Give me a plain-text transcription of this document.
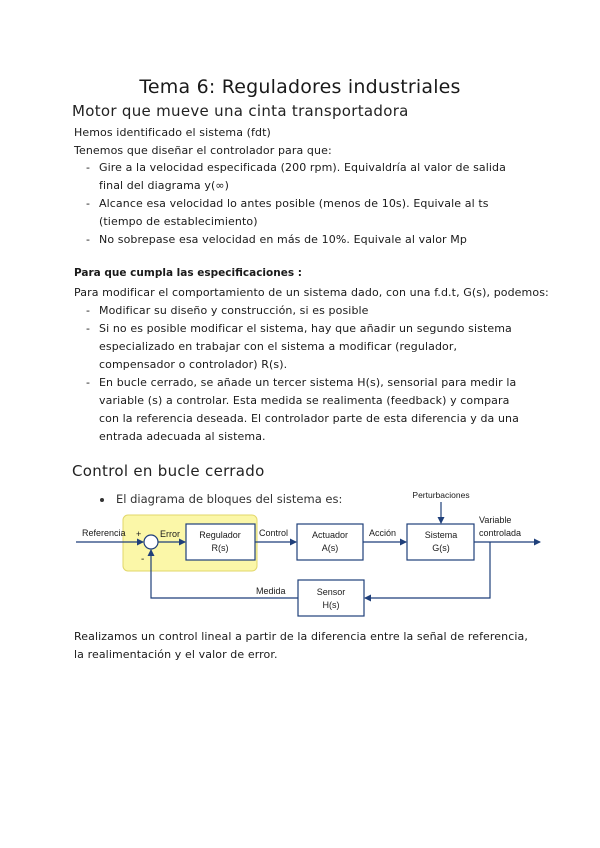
Tema 6: Reguladores industriales
Motor que mueve una cinta transportadora
Hemos identificado el sistema (fdt)
Tenemos que diseñar el controlador para que:
- Gire a la velocidad especificada (200 rpm). Equivaldría al valor de salida final del diagrama y(∞)
- Alcance esa velocidad lo antes posible (menos de 10s). Equivale al ts (tiempo de establecimiento)
- No sobrepase esa velocidad en más de 10%. Equivale al valor Mp
Para que cumpla las especificaciones :
Para modificar el comportamiento de un sistema dado, con una f.d.t, G(s), podemos:
- Modificar su diseño y construcción, si es posible
- Si no es posible modificar el sistema, hay que añadir un segundo sistema especializado en trabajar con el sistema a modificar (regulador, compensador o controlador) R(s).
- En bucle cerrado, se añade un tercer sistema H(s), sensorial para medir la variable (s) a controlar. Esta medida se realimenta (feedback) y compara con la referencia deseada. El controlador parte de esta diferencia y da una entrada adecuada al sistema.
Control en bucle cerrado
El diagrama de bloques del sistema es:
Referencia +
-
Error Regulador
R(s)
Control	Actuador
A(s)
Acción
Perturbaciones
Sistema
G(s)
Variable
controlada
Medida	Sensor
H(s)
Realizamos un control lineal a partir de la diferencia entre la señal de referencia, la realimentación y el valor de error.
